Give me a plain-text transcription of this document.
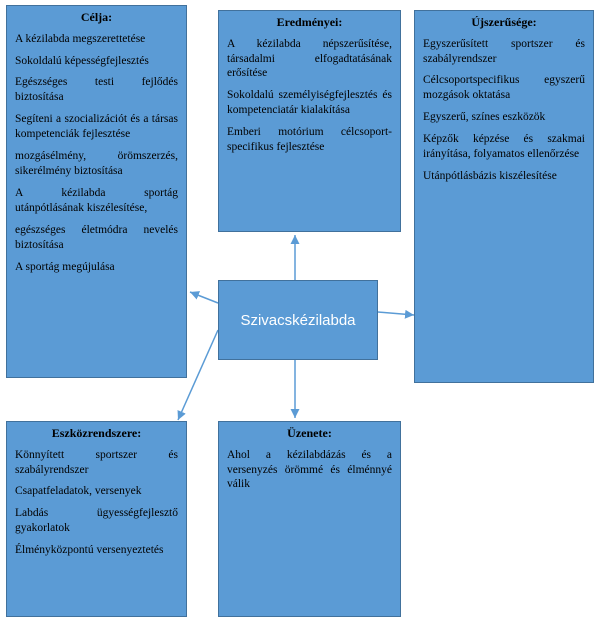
Célja:
A kézilabda megszerettetése
Sokoldalú képességfejlesztés
Egészséges testi fejlődés biztosítása
Segíteni a szocializációt és a társas kompetenciák fejlesztése
mozgásélmény, örömszerzés, sikerélmény biztosítása
A kézilabda sportág utánpótlásának kiszélesítése,
egészséges életmódra nevelés biztosítása
A sportág megújulása
Eredményei:
A kézilabda népszerűsítése, társadalmi elfogadtatásának erősítése
Sokoldalú személyiségfejlesztés és kompetenciatár kialakítása
Emberi motórium célcsoport-specifikus fejlesztése
Újszerűsége:
Egyszerűsített sportszer és szabályrendszer
Célcsoportspecifikus egyszerű mozgások oktatása
Egyszerű, színes eszközök
Képzők képzése és szakmai irányítása, folyamatos ellenőrzése
Utánpótlásbázis kiszélesítése
Szivacskézilabda
Eszközrendszere:
Könnyített sportszer és szabályrendszer
Csapatfeladatok, versenyek
Labdás ügyességfejlesztő gyakorlatok
Élményközpontú versenyeztetés
Üzenete:
Ahol a kézilabdázás és a versenyzés örömmé és élménnyé válik
